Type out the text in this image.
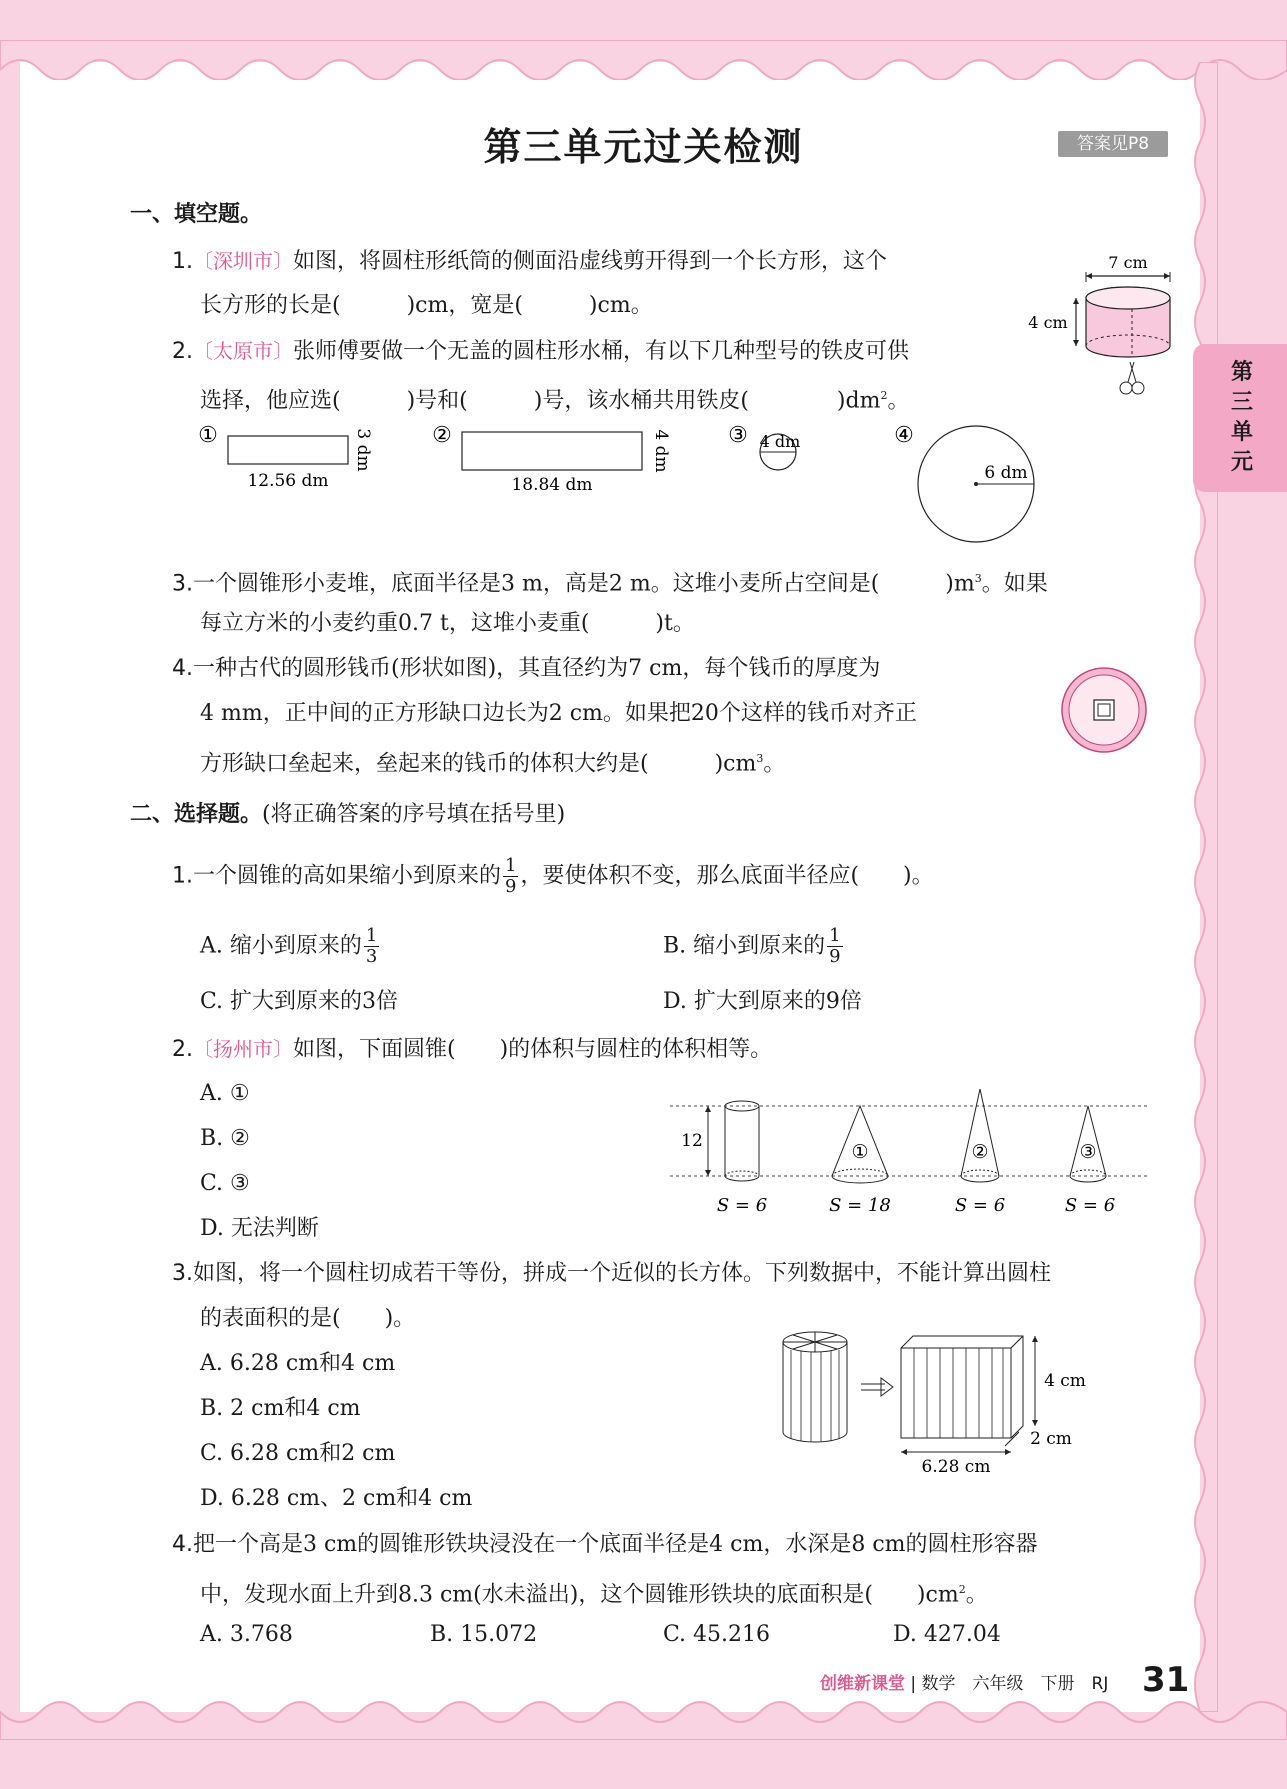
第三单元过关检测	答案见P8
第三单元
一、填空题。
1.〔深圳市〕如图，将圆柱形纸筒的侧面沿虚线剪开得到一个长方形，这个
长方形的长是(　　　)cm，宽是(　　　)cm。
7 cm
4 cm
2.〔太原市〕张师傅要做一个无盖的圆柱形水桶，有以下几种型号的铁皮可供
选择，他应选(　　　)号和(　　　)号，该水桶共用铁皮(　　　　)$dm^2$。
①
12.56 dm
3 dm	②
18.84 dm
4 dm	③ 4 dm	④
6 dm
3.一个圆锥形小麦堆，底面半径是3 m，高是2 m。这堆小麦所占空间是(　　　)$m^3$。如果
每立方米的小麦约重0.7 t，这堆小麦重(　　　)t。
4.一种古代的圆形钱币(形状如图)，其直径约为7 cm，每个钱币的厚度为
4 mm，正中间的正方形缺口边长为2 cm。如果把20个这样的钱币对齐正
方形缺口垒起来，垒起来的钱币的体积大约是(　　　)$cm^3$。
二、选择题。(将正确答案的序号填在括号里)
1.一个圆锥的高如果缩小到原来的 $\frac{1}{9}$ ，要使体积不变，那么底面半径应(　　)。
A. 缩小到原来的 $\frac{1}{3}$	B. 缩小到原来的 $\frac{1}{9}$
C. 扩大到原来的3倍	D. 扩大到原来的9倍
2.〔扬州市〕如图，下面圆锥(　　)的体积与圆柱的体积相等。
A. ①
B. ②
C. ③
D. 无法判断
12	①	②	③
S = 6	S = 18	S = 6	S = 6
3.如图，将一个圆柱切成若干等份，拼成一个近似的长方体。下列数据中，不能计算出圆柱
的表面积的是(　　)。
A. 6.28 cm和4 cm
B. 2 cm和4 cm
C. 6.28 cm和2 cm
D. 6.28 cm、2 cm和4 cm
4 cm
2 cm
6.28 cm
4.把一个高是3 cm的圆锥形铁块浸没在一个底面半径是4 cm，水深是8 cm的圆柱形容器
中，发现水面上升到8.3 cm(水未溢出)，这个圆锥形铁块的底面积是(　　)$cm^2$。
A. 3.768	B. 15.072	C. 45.216	D. 427.04
创维新课堂 | 数学　六年级　下册　RJ 31
